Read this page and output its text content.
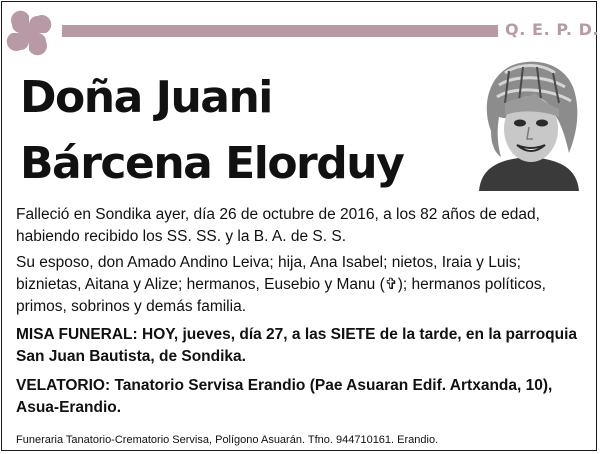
Q. E. P. D.
Doña Juani
Bárcena Elorduy

Falleció en Sondika ayer, día 26 de octubre de 2016, a los 82 años de edad, habiendo recibido los SS. SS. y la B. A. de S. S.

Su esposo, don Amado Andino Leiva; hija, Ana Isabel; nietos, Iraia y Luis; biznietas, Aitana y Alize; hermanos, Eusebio y Manu (✞); hermanos políticos, primos, sobrinos y demás familia.

MISA FUNERAL: HOY, jueves, día 27, a las SIETE de la tarde, en la parroquia San Juan Bautista, de Sondika.

VELATORIO: Tanatorio Servisa Erandio (Pae Asuaran Edif. Artxanda, 10), Asua-Erandio.

Funeraria Tanatorio-Crematorio Servisa, Polígono Asuarán. Tfno. 944710161. Erandio.
